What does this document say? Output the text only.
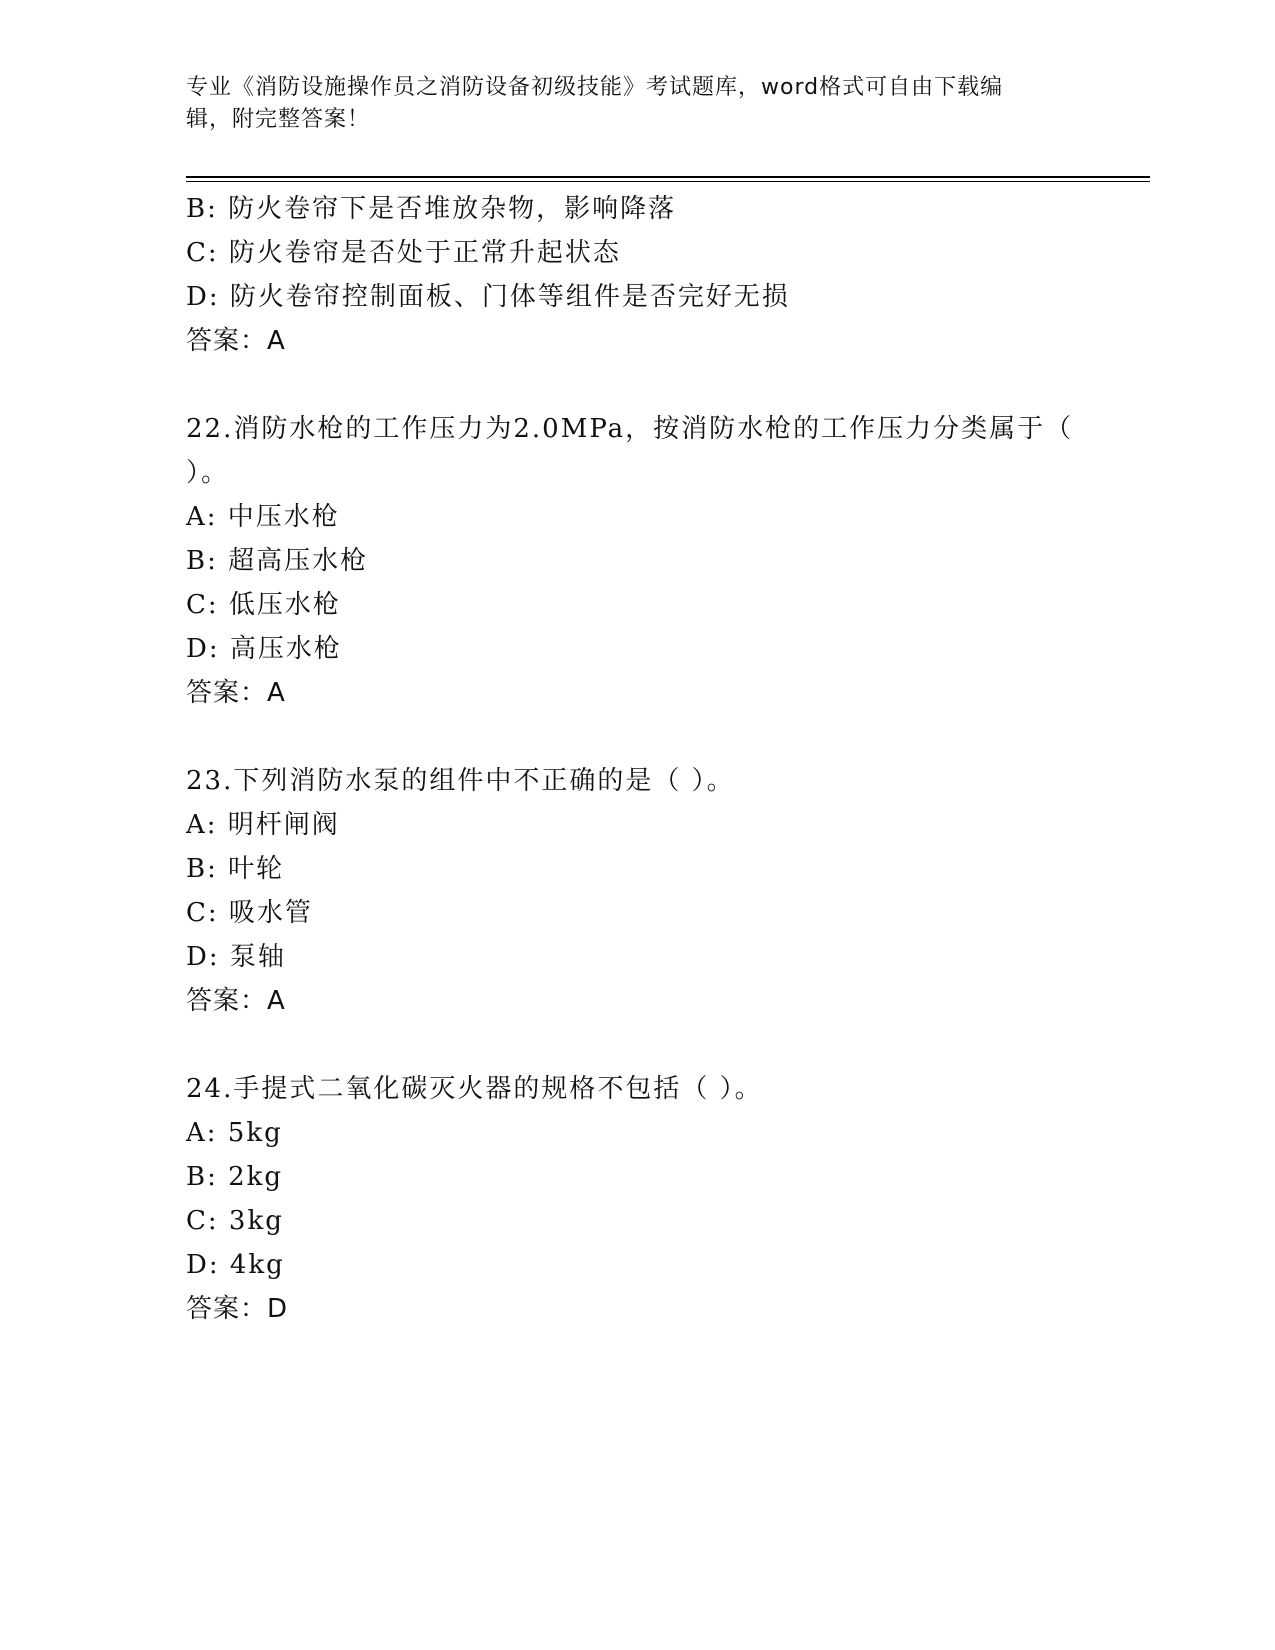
专业《消防设施操作员之消防设备初级技能》考试题库，word格式可自由下载编
辑，附完整答案！
B: 防火卷帘下是否堆放杂物，影响降落
C: 防火卷帘是否处于正常升起状态
D: 防火卷帘控制面板、门体等组件是否完好无损
答案：A
22.消防水枪的工作压力为2.0MPa，按消防水枪的工作压力分类属于（
）。
A: 中压水枪
B: 超高压水枪
C: 低压水枪
D: 高压水枪
答案：A
23.下列消防水泵的组件中不正确的是（ ）。
A: 明杆闸阀
B: 叶轮
C: 吸水管
D: 泵轴
答案：A
24.手提式二氧化碳灭火器的规格不包括（ ）。
A: 5kg
B: 2kg
C: 3kg
D: 4kg
答案：D
